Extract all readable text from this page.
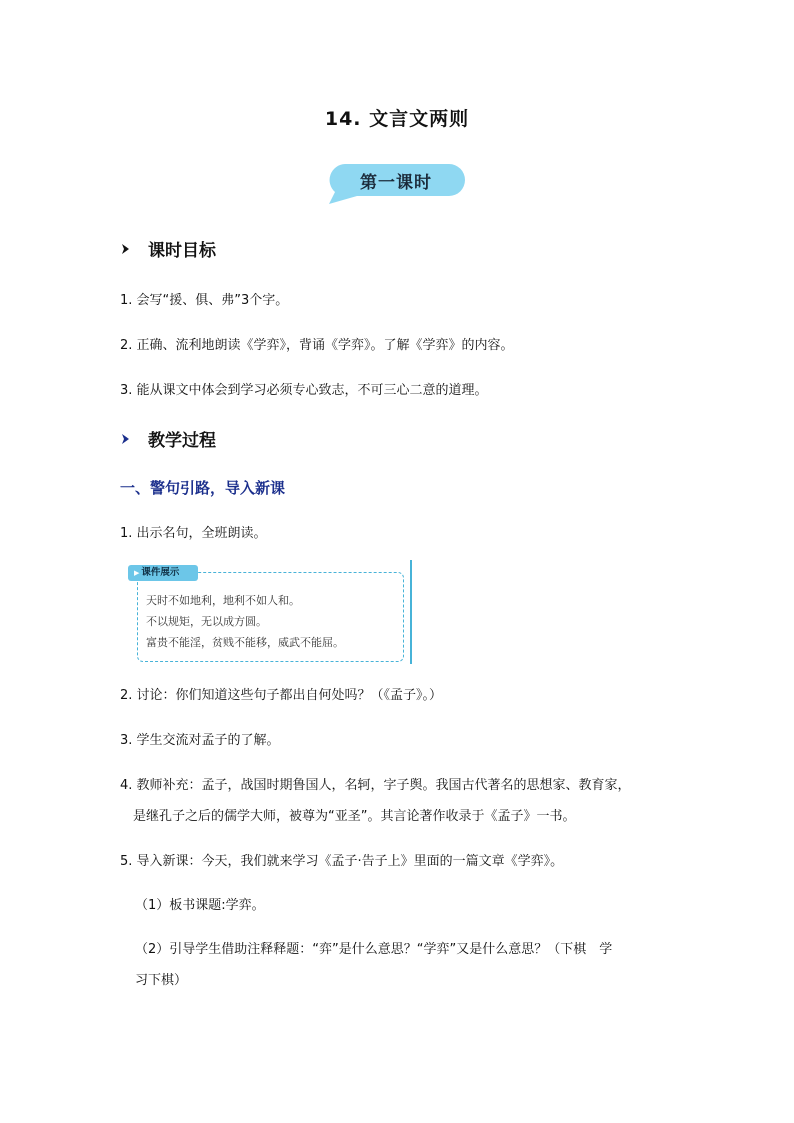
14. 文言文两则
第一课时
课时目标
1. 会写“援、俱、弗”3个字。
2. 正确、流利地朗读《学弈》，背诵《学弈》。了解《学弈》的内容。
3. 能从课文中体会到学习必须专心致志，不可三心二意的道理。
教学过程
一、警句引路，导入新课
1. 出示名句，全班朗读。
▶ 课件展示
天时不如地利，地利不如人和。
不以规矩，无以成方圆。
富贵不能淫，贫贱不能移，威武不能屈。
2. 讨论：你们知道这些句子都出自何处吗？（《孟子》。）
3. 学生交流对孟子的了解。
4. 教师补充：孟子，战国时期鲁国人，名轲，字子舆。我国古代著名的思想家、教育家，
是继孔子之后的儒学大师，被尊为“亚圣”。其言论著作收录于《孟子》一书。
5. 导入新课：今天，我们就来学习《孟子·告子上》里面的一篇文章《学弈》。
（1）板书课题:学弈。
（2）引导学生借助注释释题：“弈”是什么意思？“学弈”又是什么意思？（下棋　学
习下棋）
